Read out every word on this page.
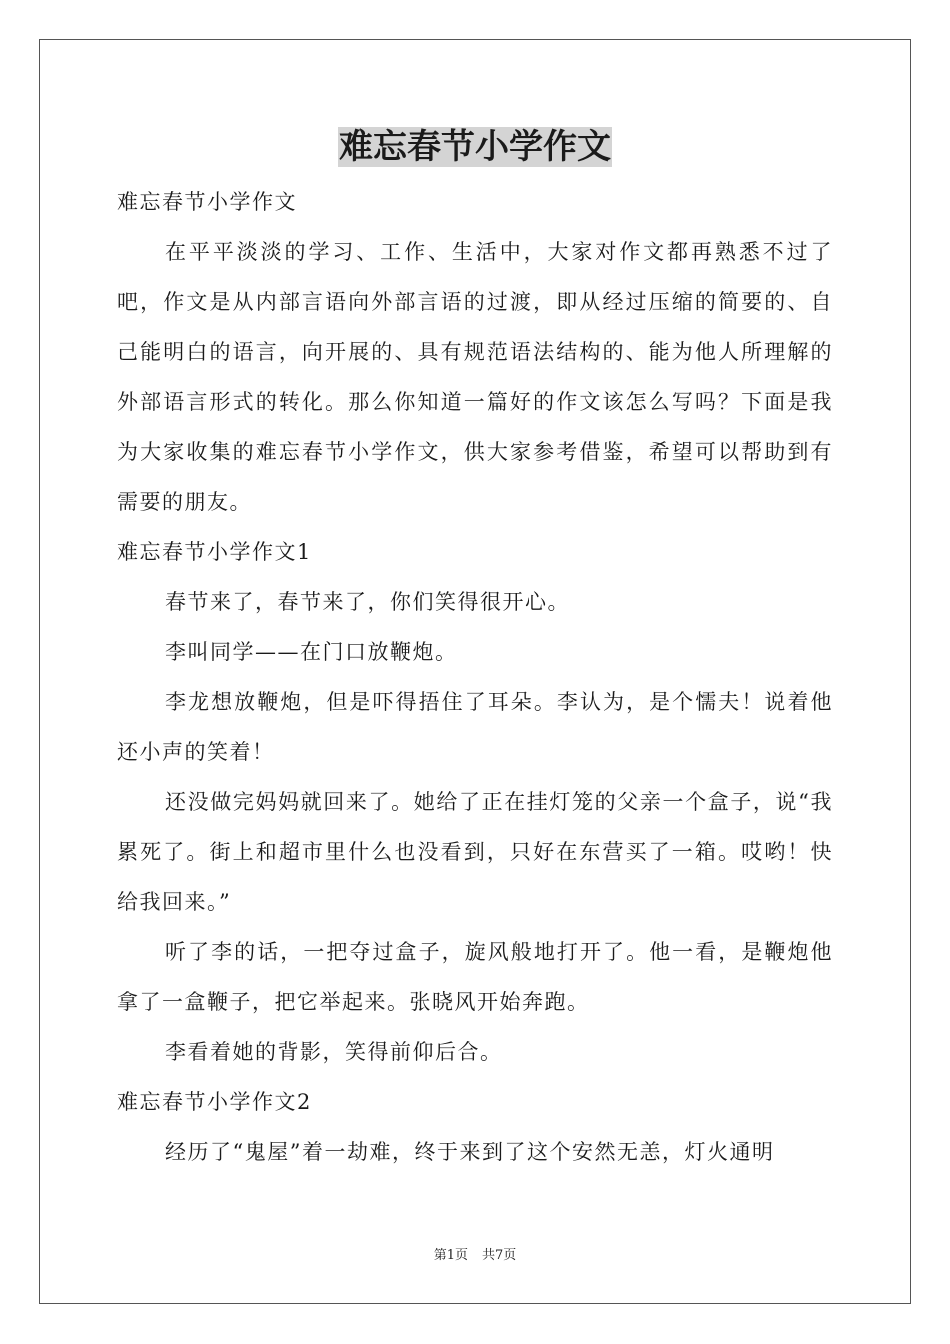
难忘春节小学作文

难忘春节小学作文

在平平淡淡的学习、工作、生活中，大家对作文都再熟悉不过了吧，作文是从内部言语向外部言语的过渡，即从经过压缩的简要的、自己能明白的语言，向开展的、具有规范语法结构的、能为他人所理解的外部语言形式的转化。那么你知道一篇好的作文该怎么写吗？下面是我为大家收集的难忘春节小学作文，供大家参考借鉴，希望可以帮助到有需要的朋友。

难忘春节小学作文1

春节来了，春节来了，你们笑得很开心。

李叫同学——在门口放鞭炮。

李龙想放鞭炮，但是吓得捂住了耳朵。李认为，是个懦夫！说着他还小声的笑着！

还没做完妈妈就回来了。她给了正在挂灯笼的父亲一个盒子，说“我累死了。街上和超市里什么也没看到，只好在东营买了一箱。哎哟！快给我回来。”

听了李的话，一把夺过盒子，旋风般地打开了。他一看，是鞭炮他拿了一盒鞭子，把它举起来。张晓风开始奔跑。

李看着她的背影，笑得前仰后合。

难忘春节小学作文2

经历了“鬼屋”着一劫难，终于来到了这个安然无恙，灯火通明

第1页 共7页
